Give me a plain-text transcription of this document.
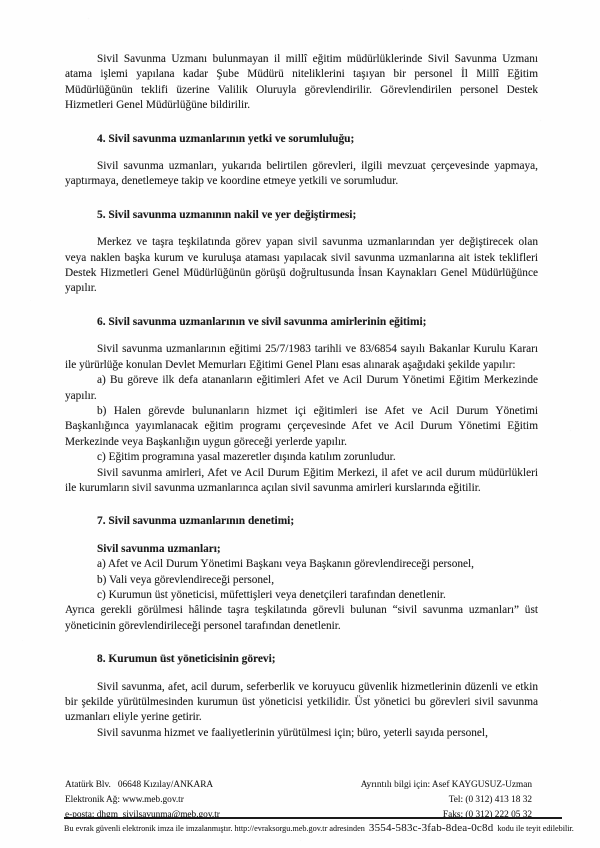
Sivil Savunma Uzmanı bulunmayan il millî eğitim müdürlüklerinde Sivil Savunma Uzmanı atama işlemi yapılana kadar Şube Müdürü niteliklerini taşıyan bir personel İl Millî Eğitim Müdürlüğünün teklifi üzerine Valilik Oluruyla görevlendirilir. Görevlendirilen personel Destek Hizmetleri Genel Müdürlüğüne bildirilir.

4. Sivil savunma uzmanlarının yetki ve sorumluluğu;

Sivil savunma uzmanları, yukarıda belirtilen görevleri, ilgili mevzuat çerçevesinde yapmaya, yaptırmaya, denetlemeye takip ve koordine etmeye yetkili ve sorumludur.

5. Sivil savunma uzmanının nakil ve yer değiştirmesi;

Merkez ve taşra teşkilatında görev yapan sivil savunma uzmanlarından yer değiştirecek olan veya naklen başka kurum ve kuruluşa ataması yapılacak sivil savunma uzmanlarına ait istek teklifleri Destek Hizmetleri Genel Müdürlüğünün görüşü doğrultusunda İnsan Kaynakları Genel Müdürlüğünce yapılır.

6. Sivil savunma uzmanlarının ve sivil savunma amirlerinin eğitimi;

Sivil savunma uzmanlarının eğitimi 25/7/1983 tarihli ve 83/6854 sayılı Bakanlar Kurulu Kararı ile yürürlüğe konulan Devlet Memurları Eğitimi Genel Planı esas alınarak aşağıdaki şekilde yapılır:

a) Bu göreve ilk defa atananların eğitimleri Afet ve Acil Durum Yönetimi Eğitim Merkezinde yapılır.

b) Halen görevde bulunanların hizmet içi eğitimleri ise Afet ve Acil Durum Yönetimi Başkanlığınca yayımlanacak eğitim programı çerçevesinde Afet ve Acil Durum Yönetimi Eğitim Merkezinde veya Başkanlığın uygun göreceği yerlerde yapılır.

c) Eğitim programına yasal mazeretler dışında katılım zorunludur.

Sivil savunma amirleri, Afet ve Acil Durum Eğitim Merkezi, il afet ve acil durum müdürlükleri ile kurumların sivil savunma uzmanlarınca açılan sivil savunma amirleri kurslarında eğitilir.

7. Sivil savunma uzmanlarının denetimi;

Sivil savunma uzmanları;

a) Afet ve Acil Durum Yönetimi Başkanı veya Başkanın görevlendireceği personel,

b) Vali veya görevlendireceği personel,

c) Kurumun üst yöneticisi, müfettişleri veya denetçileri tarafından denetlenir.

Ayrıca gerekli görülmesi hâlinde taşra teşkilatında görevli bulunan “sivil savunma uzmanları” üst yöneticinin görevlendirileceği personel tarafından denetlenir.

8. Kurumun üst yöneticisinin görevi;

Sivil savunma, afet, acil durum, seferberlik ve koruyucu güvenlik hizmetlerinin düzenli ve etkin bir şekilde yürütülmesinden kurumun üst yöneticisi yetkilidir. Üst yönetici bu görevleri sivil savunma uzmanları eliyle yerine getirir.

Sivil savunma hizmet ve faaliyetlerinin yürütülmesi için; büro, yeterli sayıda personel,

Atatürk Blv.   06648 Kızılay/ANKARA
Elektronik Ağ: www.meb.gov.tr
e-posta: dhgm_sivilsavunma@meb.gov.tr
Ayrıntılı bilgi için: Asef KAYGUSUZ-Uzman
Tel: (0 312) 413 18 32
Faks: (0 312) 222 05 32

Bu evrak güvenli elektronik imza ile imzalanmıştır. http://evraksorgu.meb.gov.tr adresinden 3554-583c-3fab-8dea-0c8d kodu ile teyit edilebilir.
